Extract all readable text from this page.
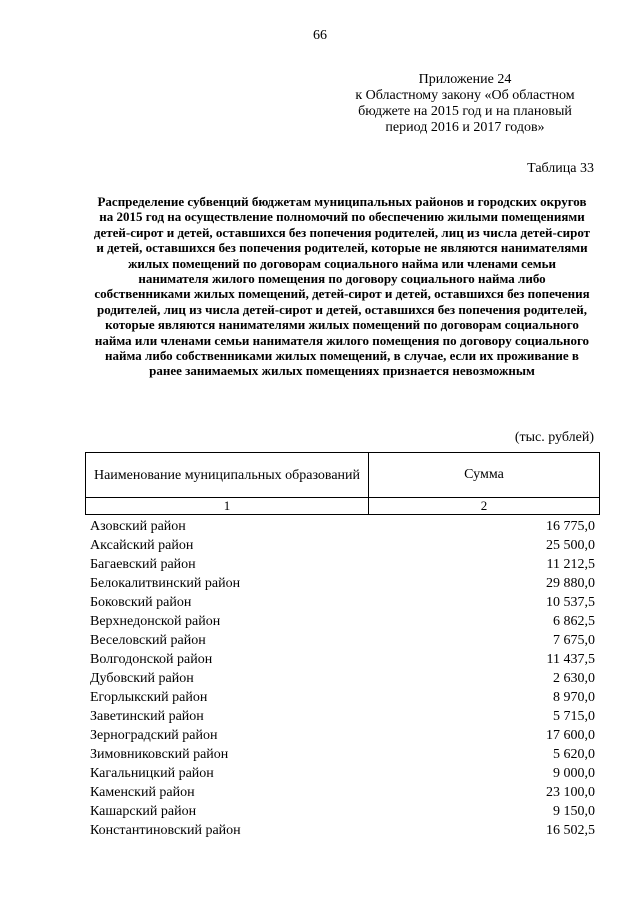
66
Приложение 24
к Областному закону «Об областном
бюджете на 2015 год и на плановый
период 2016 и 2017 годов»
Таблица 33

Распределение субвенций бюджетам муниципальных районов и городских округов на 2015 год на осуществление полномочий по обеспечению жилыми помещениями детей-сирот и детей, оставшихся без попечения родителей, лиц из числа детей-сирот и детей, оставшихся без попечения родителей, которые не являются нанимателями жилых помещений по договорам социального найма или членами семьи нанимателя жилого помещения по договору социального найма либо собственниками жилых помещений, детей-сирот и детей, оставшихся без попечения родителей, лиц из числа детей-сирот и детей, оставшихся без попечения родителей, которые являются нанимателями жилых помещений по договорам социального найма или членами семьи нанимателя жилого помещения по договору социального найма либо собственниками жилых помещений, в случае, если их проживание в ранее занимаемых жилых помещениях признается невозможным

(тыс. рублей)
Наименование муниципальных образований	Сумма
1	2
Азовский район	16 775,0
Аксайский район	25 500,0
Багаевский район	11 212,5
Белокалитвинский район	29 880,0
Боковский район	10 537,5
Верхнедонской район	6 862,5
Веселовский район	7 675,0
Волгодонской район	11 437,5
Дубовский район	2 630,0
Егорлыкский район	8 970,0
Заветинский район	5 715,0
Зерноградский район	17 600,0
Зимовниковский район	5 620,0
Кагальницкий район	9 000,0
Каменский район	23 100,0
Кашарский район	9 150,0
Константиновский район	16 502,5
